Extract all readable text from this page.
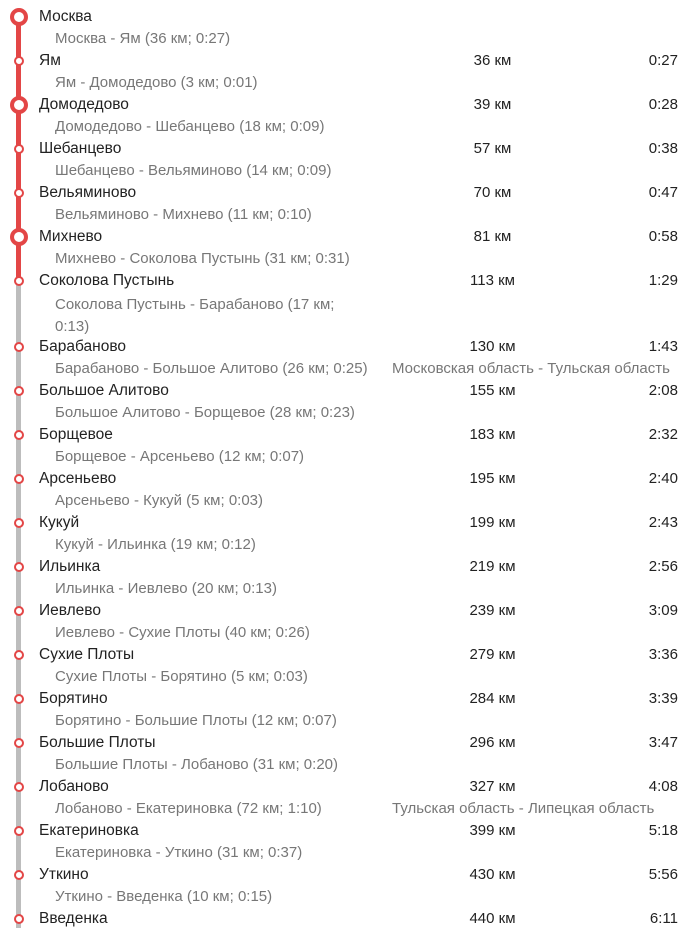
Москва
Москва - Ям (36 км; 0:27)
Ям	36 км	0:27
Ям - Домодедово (3 км; 0:01)
Домодедово	39 км	0:28
Домодедово - Шебанцево (18 км; 0:09)
Шебанцево	57 км	0:38
Шебанцево - Вельяминово (14 км; 0:09)
Вельяминово	70 км	0:47
Вельяминово - Михнево (11 км; 0:10)
Михнево	81 км	0:58
Михнево - Соколова Пустынь (31 км; 0:31)
Соколова Пустынь	113 км	1:29
Соколова Пустынь - Барабаново (17 км; 0:13)
Барабаново	130 км	1:43
Барабаново - Большое Алитово (26 км; 0:25) Московская область - Тульская область
Большое Алитово	155 км	2:08
Большое Алитово - Борщевое (28 км; 0:23)
Борщевое	183 км	2:32
Борщевое - Арсеньево (12 км; 0:07)
Арсеньево	195 км	2:40
Арсеньево - Кукуй (5 км; 0:03)
Кукуй	199 км	2:43
Кукуй - Ильинка (19 км; 0:12)
Ильинка	219 км	2:56
Ильинка - Иевлево (20 км; 0:13)
Иевлево	239 км	3:09
Иевлево - Сухие Плоты (40 км; 0:26)
Сухие Плоты	279 км	3:36
Сухие Плоты - Борятино (5 км; 0:03)
Борятино	284 км	3:39
Борятино - Большие Плоты (12 км; 0:07)
Большие Плоты	296 км	3:47
Большие Плоты - Лобаново (31 км; 0:20)
Лобаново	327 км	4:08
Лобаново - Екатериновка (72 км; 1:10)	Тульская область - Липецкая область
Екатериновка	399 км	5:18
Екатериновка - Уткино (31 км; 0:37)
Уткино	430 км	5:56
Уткино - Введенка (10 км; 0:15)
Введенка	440 км	6:11
